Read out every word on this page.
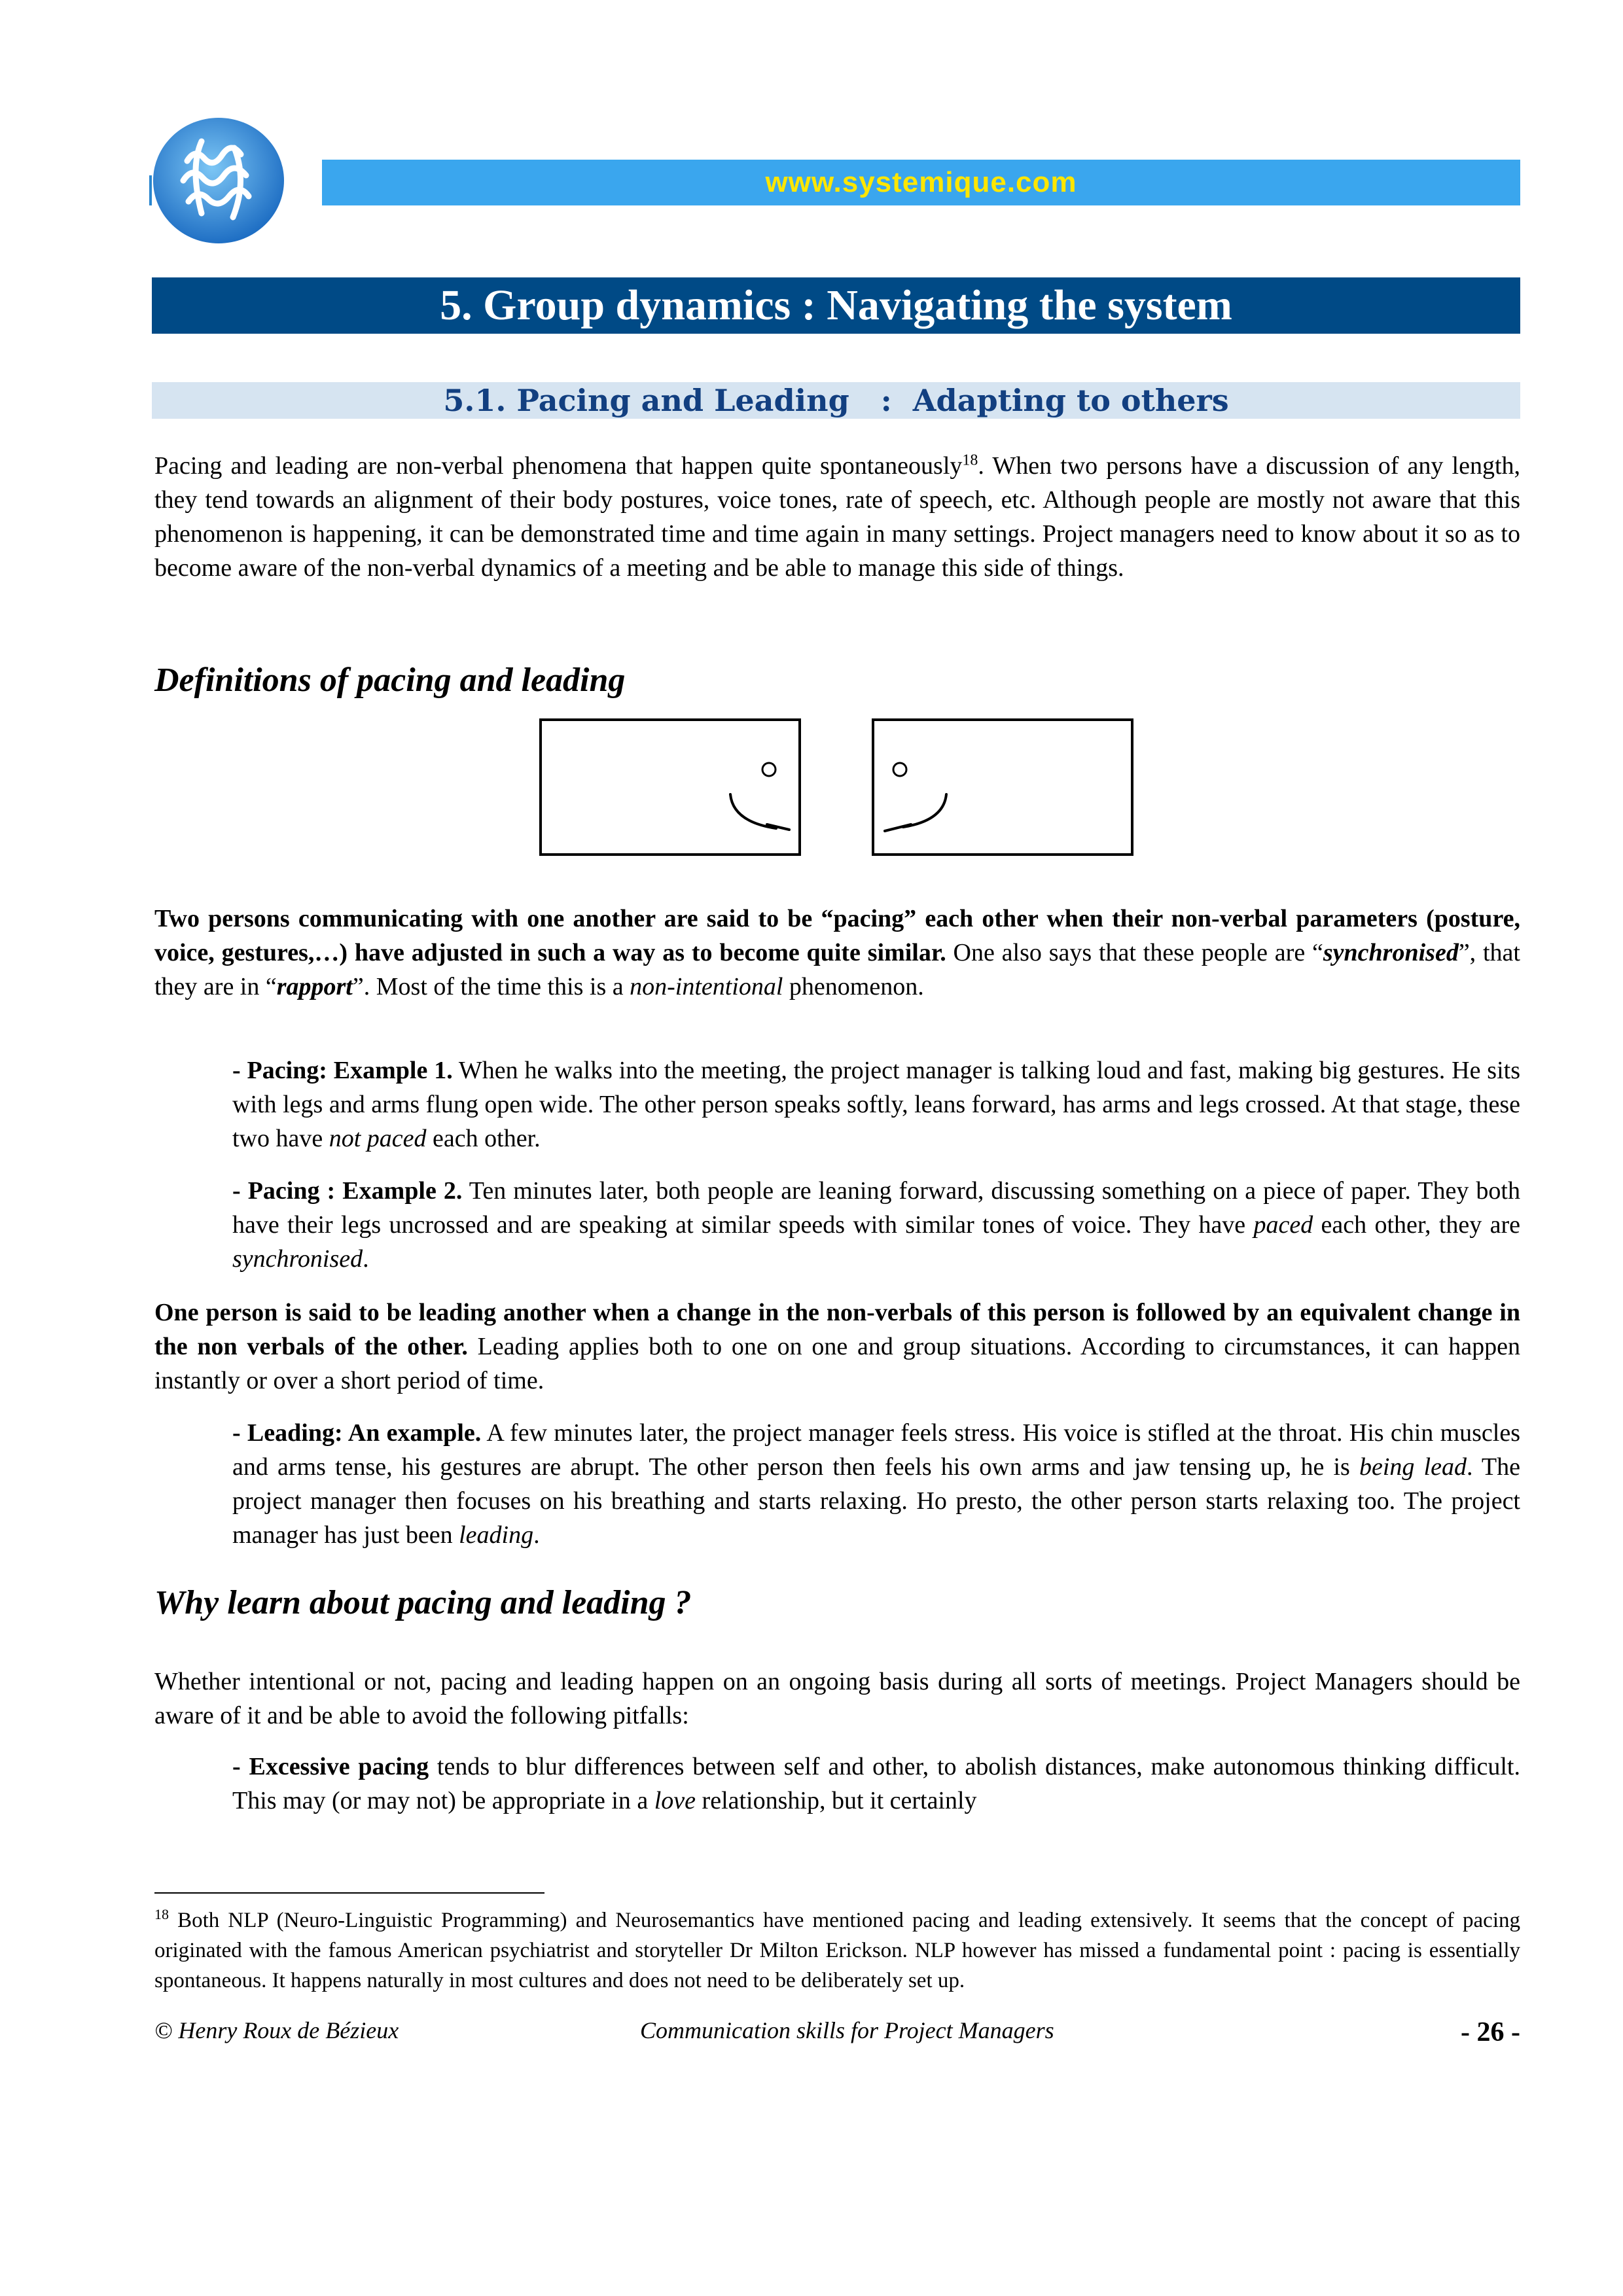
www.systemique.com
5. Group dynamics : Navigating the system
5.1. Pacing and Leading   :  Adapting to others
Pacing and leading are non-verbal phenomena that happen quite spontaneously$^{18}$. When two persons have a discussion of any length, they tend towards an alignment of their body postures, voice tones, rate of speech, etc. Although people are mostly not aware that this phenomenon is happening, it can be demonstrated time and time again in many settings. Project managers need to know about it so as to become aware of the non-verbal dynamics of a meeting and be able to manage this side of things.
Definitions of pacing and leading
Two persons communicating with one another are said to be “pacing” each other when their non-verbal parameters (posture, voice, gestures,…) have adjusted in such a way as to become quite similar. One also says that these people are “synchronised”, that they are in “rapport”. Most of the time this is a non-intentional phenomenon.
- Pacing: Example 1. When he walks into the meeting, the project manager is talking loud and fast, making big gestures. He sits with legs and arms flung open wide. The other person speaks softly, leans forward, has arms and legs crossed. At that stage, these two have not paced each other.
- Pacing : Example 2. Ten minutes later, both people are leaning forward, discussing something on a piece of paper. They both have their legs uncrossed and are speaking at similar speeds with similar tones of voice. They have paced each other, they are synchronised.
One person is said to be leading another when a change in the non-verbals of this person is followed by an equivalent change in the non verbals of the other. Leading applies both to one on one and group situations. According to circumstances, it can happen instantly or over a short period of time.
- Leading: An example. A few minutes later, the project manager feels stress. His voice is stifled at the throat. His chin muscles and arms tense, his gestures are abrupt. The other person then feels his own arms and jaw tensing up, he is being lead. The project manager then focuses on his breathing and starts relaxing. Ho presto, the other person starts relaxing too. The project manager has just been leading.
Why learn about pacing and leading ?
Whether intentional or not, pacing and leading happen on an ongoing basis during all sorts of meetings. Project Managers should be aware of it and be able to avoid the following pitfalls:
- Excessive pacing tends to blur differences between self and other, to abolish distances, make autonomous thinking difficult. This may (or may not) be appropriate in a love relationship, but it certainly
$^{18}$ Both NLP (Neuro-Linguistic Programming) and Neurosemantics have mentioned pacing and leading extensively. It seems that the concept of pacing originated with the famous American psychiatrist and storyteller Dr Milton Erickson. NLP however has missed a fundamental point : pacing is essentially spontaneous. It happens naturally in most cultures and does not need to be deliberately set up.
© Henry Roux de Bézieux	Communication skills for Project Managers	- 26 -
